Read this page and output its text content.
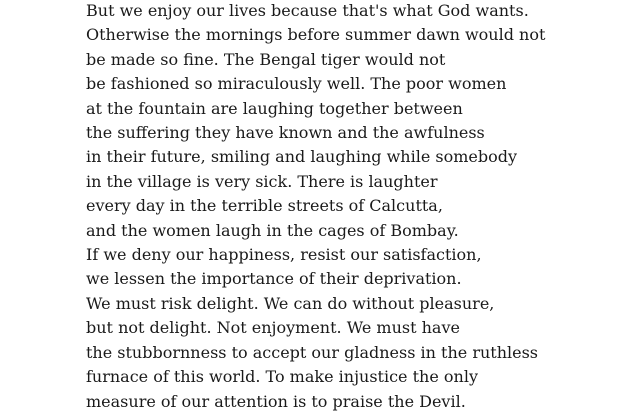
But we enjoy our lives because that's what God wants.
Otherwise the mornings before summer dawn would not
be made so fine. The Bengal tiger would not
be fashioned so miraculously well. The poor women
at the fountain are laughing together between
the suffering they have known and the awfulness
in their future, smiling and laughing while somebody
in the village is very sick. There is laughter
every day in the terrible streets of Calcutta,
and the women laugh in the cages of Bombay.
If we deny our happiness, resist our satisfaction,
we lessen the importance of their deprivation.
We must risk delight. We can do without pleasure,
but not delight. Not enjoyment. We must have
the stubbornness to accept our gladness in the ruthless
furnace of this world. To make injustice the only
measure of our attention is to praise the Devil.
